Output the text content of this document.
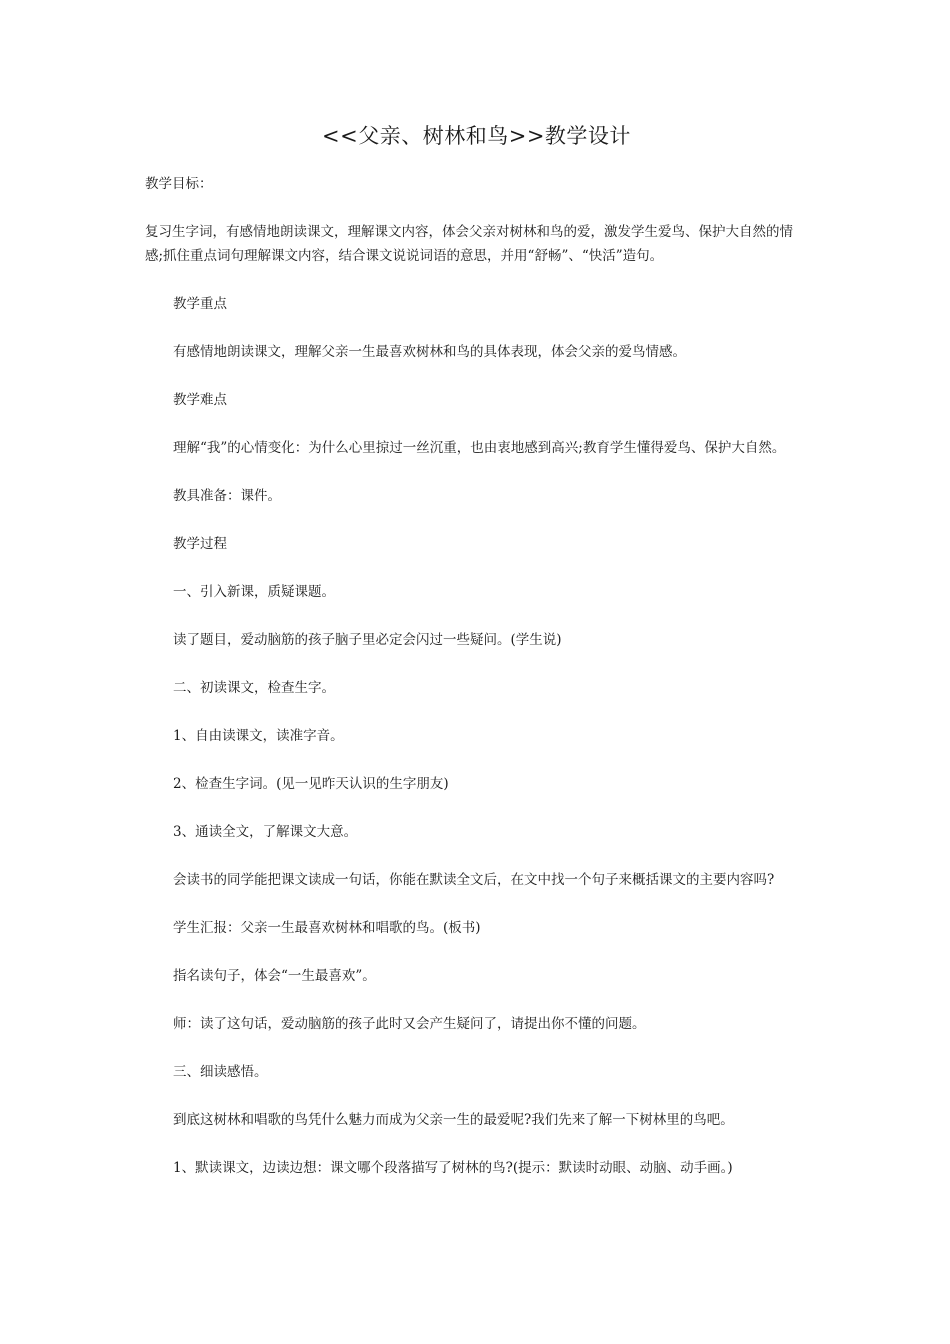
<<父亲、树林和鸟>>教学设计

教学目标：

复习生字词，有感情地朗读课文，理解课文内容，体会父亲对树林和鸟的爱，激发学生爱鸟、保护大自然的情感;抓住重点词句理解课文内容，结合课文说说词语的意思，并用“舒畅”、“快活”造句。

教学重点

有感情地朗读课文，理解父亲一生最喜欢树林和鸟的具体表现，体会父亲的爱鸟情感。

教学难点

理解“我”的心情变化：为什么心里掠过一丝沉重，也由衷地感到高兴;教育学生懂得爱鸟、保护大自然。

教具准备：课件。

教学过程

一、引入新课，质疑课题。

读了题目，爱动脑筋的孩子脑子里必定会闪过一些疑问。(学生说)

二、初读课文，检查生字。

1、自由读课文，读准字音。

2、检查生字词。(见一见昨天认识的生字朋友)

3、通读全文，了解课文大意。

会读书的同学能把课文读成一句话，你能在默读全文后，在文中找一个句子来概括课文的主要内容吗?

学生汇报：父亲一生最喜欢树林和唱歌的鸟。(板书)

指名读句子，体会“一生最喜欢”。

师：读了这句话，爱动脑筋的孩子此时又会产生疑问了，请提出你不懂的问题。

三、细读感悟。

到底这树林和唱歌的鸟凭什么魅力而成为父亲一生的最爱呢?我们先来了解一下树林里的鸟吧。

1、默读课文，边读边想：课文哪个段落描写了树林的鸟?(提示：默读时动眼、动脑、动手画。)
